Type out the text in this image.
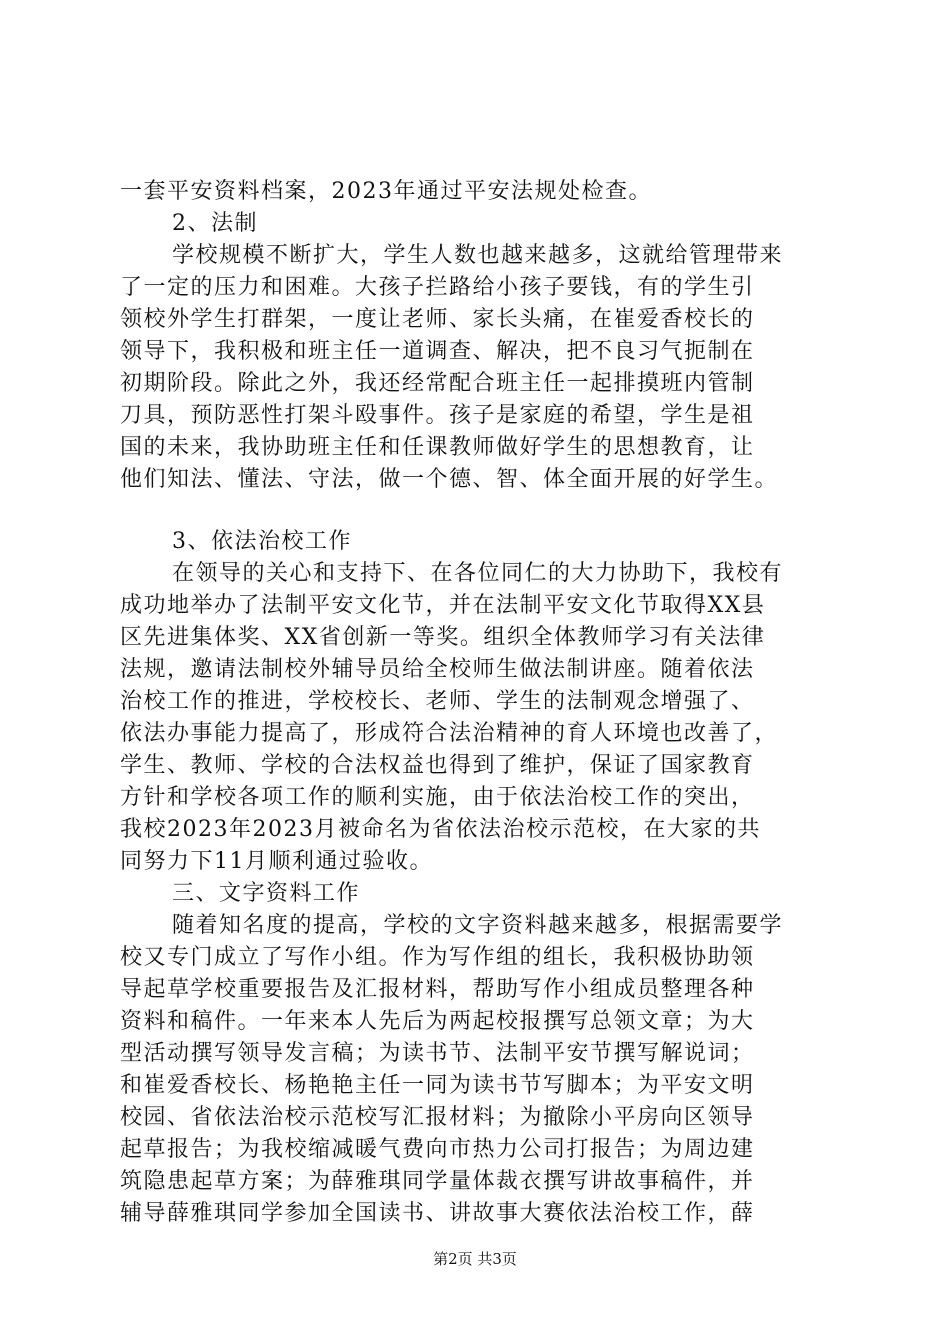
一套平安资料档案，2023年通过平安法规处检查。
2、法制
学校规模不断扩大，学生人数也越来越多，这就给管理带来
了一定的压力和困难。大孩子拦路给小孩子要钱，有的学生引
领校外学生打群架，一度让老师、家长头痛，在崔爱香校长的
领导下，我积极和班主任一道调查、解决，把不良习气扼制在
初期阶段。除此之外，我还经常配合班主任一起排摸班内管制
刀具，预防恶性打架斗殴事件。孩子是家庭的希望，学生是祖
国的未来，我协助班主任和任课教师做好学生的思想教育，让
他们知法、懂法、守法，做一个德、智、体全面开展的好学生。
3、依法治校工作
在领导的关心和支持下、在各位同仁的大力协助下，我校有
成功地举办了法制平安文化节，并在法制平安文化节取得XX县
区先进集体奖、XX省创新一等奖。组织全体教师学习有关法律
法规，邀请法制校外辅导员给全校师生做法制讲座。随着依法
治校工作的推进，学校校长、老师、学生的法制观念增强了、
依法办事能力提高了，形成符合法治精神的育人环境也改善了，
学生、教师、学校的合法权益也得到了维护，保证了国家教育
方针和学校各项工作的顺利实施，由于依法治校工作的突出，
我校2023年2023月被命名为省依法治校示范校，在大家的共
同努力下11月顺利通过验收。
三、文字资料工作
随着知名度的提高，学校的文字资料越来越多，根据需要学
校又专门成立了写作小组。作为写作组的组长，我积极协助领
导起草学校重要报告及汇报材料，帮助写作小组成员整理各种
资料和稿件。一年来本人先后为两起校报撰写总领文章；为大
型活动撰写领导发言稿；为读书节、法制平安节撰写解说词；
和崔爱香校长、杨艳艳主任一同为读书节写脚本；为平安文明
校园、省依法治校示范校写汇报材料；为撤除小平房向区领导
起草报告；为我校缩减暖气费向市热力公司打报告；为周边建
筑隐患起草方案；为薛雅琪同学量体裁衣撰写讲故事稿件，并
辅导薛雅琪同学参加全国读书、讲故事大赛依法治校工作，薛
第2页 共3页
